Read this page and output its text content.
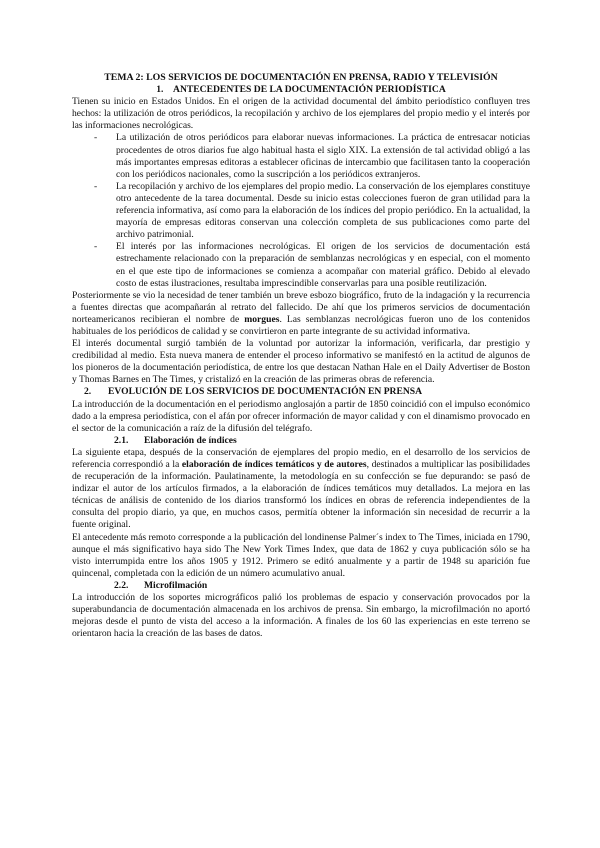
TEMA 2: LOS SERVICIOS DE DOCUMENTACIÓN EN PRENSA, RADIO Y TELEVISIÓN
1. ANTECEDENTES DE LA DOCUMENTACIÓN PERIODÍSTICA

Tienen su inicio en Estados Unidos. En el origen de la actividad documental del ámbito periodístico confluyen tres hechos: la utilización de otros periódicos, la recopilación y archivo de los ejemplares del propio medio y el interés por las informaciones necrológicas.

- La utilización de otros periódicos para elaborar nuevas informaciones. La práctica de entresacar noticias procedentes de otros diarios fue algo habitual hasta el siglo XIX. La extensión de tal actividad obligó a las más importantes empresas editoras a establecer oficinas de intercambio que facilitasen tanto la cooperación con los periódicos nacionales, como la suscripción a los periódicos extranjeros.
- La recopilación y archivo de los ejemplares del propio medio. La conservación de los ejemplares constituye otro antecedente de la tarea documental. Desde su inicio estas colecciones fueron de gran utilidad para la referencia informativa, así como para la elaboración de los índices del propio periódico. En la actualidad, la mayoría de empresas editoras conservan una colección completa de sus publicaciones como parte del archivo patrimonial.
- El interés por las informaciones necrológicas. El origen de los servicios de documentación está estrechamente relacionado con la preparación de semblanzas necrológicas y en especial, con el momento en el que este tipo de informaciones se comienza a acompañar con material gráfico. Debido al elevado costo de estas ilustraciones, resultaba imprescindible conservarlas para una posible reutilización.

Posteriormente se vio la necesidad de tener también un breve esbozo biográfico, fruto de la indagación y la recurrencia a fuentes directas que acompañarán al retrato del fallecido. De ahí que los primeros servicios de documentación norteamericanos recibieran el nombre de morgues. Las semblanzas necrológicas fueron uno de los contenidos habituales de los periódicos de calidad y se convirtieron en parte integrante de su actividad informativa.

El interés documental surgió también de la voluntad por autorizar la información, verificarla, dar prestigio y credibilidad al medio. Esta nueva manera de entender el proceso informativo se manifestó en la actitud de algunos de los pioneros de la documentación periodística, de entre los que destacan Nathan Hale en el Daily Advertiser de Boston y Thomas Barnes en The Times, y cristalizó en la creación de las primeras obras de referencia.

2. EVOLUCIÓN DE LOS SERVICIOS DE DOCUMENTACIÓN EN PRENSA

La introducción de la documentación en el periodismo anglosajón a partir de 1850 coincidió con el impulso económico dado a la empresa periodística, con el afán por ofrecer información de mayor calidad y con el dinamismo provocado en el sector de la comunicación a raíz de la difusión del telégrafo.

2.1. Elaboración de índices

La siguiente etapa, después de la conservación de ejemplares del propio medio, en el desarrollo de los servicios de referencia correspondió a la elaboración de índices temáticos y de autores, destinados a multiplicar las posibilidades de recuperación de la información. Paulatinamente, la metodología en su confección se fue depurando: se pasó de indizar el autor de los artículos firmados, a la elaboración de índices temáticos muy detallados. La mejora en las técnicas de análisis de contenido de los diarios transformó los índices en obras de referencia independientes de la consulta del propio diario, ya que, en muchos casos, permitía obtener la información sin necesidad de recurrir a la fuente original.

El antecedente más remoto corresponde a la publicación del londinense Palmer´s index to The Times, iniciada en 1790, aunque el más significativo haya sido The New York Times Index, que data de 1862 y cuya publicación sólo se ha visto interrumpida entre los años 1905 y 1912. Primero se editó anualmente y a partir de 1948 su aparición fue quincenal, completada con la edición de un número acumulativo anual.

2.2. Microfilmación

La introducción de los soportes micrográficos palió los problemas de espacio y conservación provocados por la superabundancia de documentación almacenada en los archivos de prensa. Sin embargo, la microfilmación no aportó mejoras desde el punto de vista del acceso a la información. A finales de los 60 las experiencias en este terreno se orientaron hacia la creación de las bases de datos.
